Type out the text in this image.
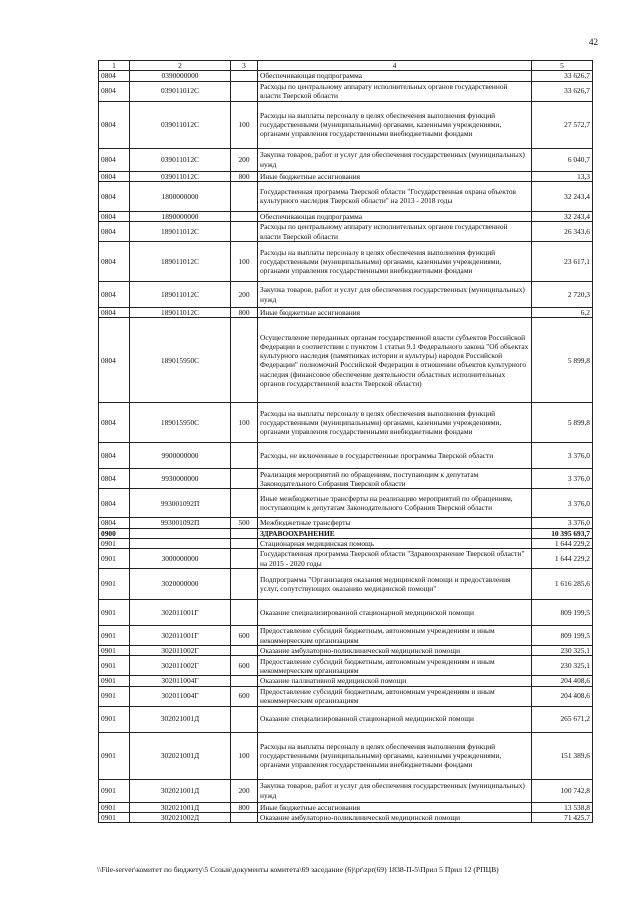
42
1	2	3	4	5
0804	0390000000		Обеспечивающая подпрограмма	33 626,7
0804	039011012С		Расходы по центральному аппарату исполнительных органов государственной власти Тверской области	33 626,7
0804	039011012С	100	Расходы на выплаты персоналу в целях обеспечения выполнения функций государственными (муниципальными) органами, казенными учреждениями, органами управления государственными внебюджетными фондами	27 572,7
0804	039011012С	200	Закупка товаров, работ и услуг для обеспечения государственных (муниципальных) нужд	6 040,7
0804	039011012С	800	Иные бюджетные ассигнования	13,3
0804	1800000000		Государственная программа Тверской области "Государственная охрана объектов культурного наследия Тверской области" на 2013 - 2018 годы	32 243,4
0804	1890000000		Обеспечивающая подпрограмма	32 243,4
0804	189011012С		Расходы по центральному аппарату исполнительных органов государственной власти Тверской области	26 343,6
0804	189011012С	100	Расходы на выплаты персоналу в целях обеспечения выполнения функций государственными (муниципальными) органами, казенными учреждениями, органами управления государственными внебюджетными фондами	23 617,1
0804	189011012С	200	Закупка товаров, работ и услуг для обеспечения государственных (муниципальных) нужд	2 720,3
0804	189011012С	800	Иные бюджетные ассигнования	6,2
0804	189015950С		Осуществление переданных органам государственной власти субъектов Российской Федерации в соответствии с пунктом 1 статьи 9.1 Федерального закона "Об объектах культурного наследия (памятниках истории и культуры) народов Российской Федерации" полномочий Российской Федерации в отношении объектов культурного наследия (финансовое обеспечение деятельности областных исполнительных органов государственной власти Тверской области)	5 899,8
0804	189015950С	100	Расходы на выплаты персоналу в целях обеспечения выполнения функций государственными (муниципальными) органами, казенными учреждениями, органами управления государственными внебюджетными фондами	5 899,8
0804	9900000000		Расходы, не включенные в государственные программы Тверской области	3 376,0
0804	9930000000		Реализация мероприятий по обращениям, поступающим к депутатам Законодательного Собрания Тверской области	3 376,0
0804	993001092П		Иные межбюджетные трансферты на реализацию мероприятий по обращениям, поступающим к депутатам Законодательного Собрания Тверской области	3 376,0
0804	993001092П	500	Межбюджетные трансферты	3 376,0
0900			ЗДРАВООХРАНЕНИЕ	10 395 693,7
0901			Стационарная медицинская помощь	1 644 229,2
0901	3000000000		Государственная программа Тверской области "Здравоохранение Тверской области" на 2015 - 2020 годы	1 644 229,2
0901	3020000000		Подпрограмма "Организация оказания медицинской помощи и предоставления услуг, сопутствующих оказанию медицинской помощи"	1 616 285,6
0901	302011001Г		Оказание специализированной стационарной медицинской помощи	809 199,5
0901	302011001Г	600	Предоставление субсидий бюджетным, автономным учреждениям и иным некоммерческим организациям	809 199,5
0901	302011002Г		Оказание амбулаторно-поликлинической медицинской помощи	230 325,1
0901	302011002Г	600	Предоставление субсидий бюджетным, автономным учреждениям и иным некоммерческим организациям	230 325,1
0901	302011004Г		Оказание паллиативной медицинской помощи	204 408,6
0901	302011004Г	600	Предоставление субсидий бюджетным, автономным учреждениям и иным некоммерческим организациям	204 408,6
0901	302021001Д		Оказание специализированной стационарной медицинской помощи	265 671,2
0901	302021001Д	100	Расходы на выплаты персоналу в целях обеспечения выполнения функций государственными (муниципальными) органами, казенными учреждениями, органами управления государственными внебюджетными фондами	151 389,6
0901	302021001Д	200	Закупка товаров, работ и услуг для обеспечения государственных (муниципальных) нужд	100 742,8
0901	302021001Д	800	Иные бюджетные ассигнования	13 538,8
0901	302021002Д		Оказание амбулаторно-поликлинической медицинской помощи	71 425,7
\\File-server\комитет по бюджету\5 Созыв\документы комитета\69 заседание (6)\pr\zpr(69) 1838-П-5\Прил 5 Прил 12 (РПЦВ)
